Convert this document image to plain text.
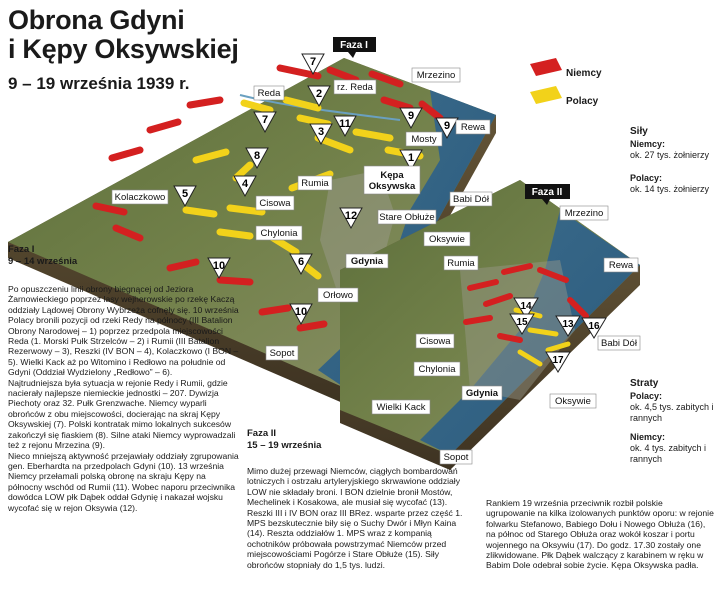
Obrona Gdyni
i Kępy Oksywskiej
9 – 19 września 1939 r.
7
2
7
3
11
9
9
1
8
4
5
12
10	6
10	14
15	13 16
17
Faza I
Faza II
Mrzezino
Reda
rz. Reda
Rewa
Mosty
Kępa Oksywska
Rumia
Kolaczkowo
Cisowa	Babi Dół
Stare Obłuże
Chylonia
Oksywie
Gdynia
Orłowo
Sopot
Mrzezino
Rumia	Rewa
Cisowa	Babi Dół
Chylonia
Gdynia
Oksywie
Wielki Kack
Sopot
Niemcy
Polacy
Siły
Niemcy:
ok. 27 tys. żołnierzy
Polacy:
ok. 14 tys. żołnierzy
Straty
Polacy:
ok. 4,5 tys. zabitych i rannych
Niemcy:
ok. 4 tys. zabitych i rannych
Faza I
9 – 14 września

Po opuszczeniu linii obrony biegnącej od Jeziora Żarnowieckiego poprzez lasy wejherowskie po rzekę Kaczą oddziały Lądowej Obrony Wybrzeża cofnęły się. 10 września Polacy bronili pozycji od rzeki Redy na północy (III Batalion Obrony Narodowej – 1) poprzez przedpola miejscowości Reda (1. Morski Pułk Strzelców – 2) i Rumii (III Batalion Rezerwowy – 3), Reszki (IV BON – 4), Kolaczkowo (I BON – 5). Wielki Kack aż po Witomino i Redłowo na południe od Gdyni (Oddział Wydzielony „Redłowo” – 6).

Najtrudniejsza była sytuacja w rejonie Redy i Rumii, gdzie nacierały najlepsze niemieckie jednostki – 207. Dywizja Piechoty oraz 32. Pułk Grenzwache. Niemcy wyparli obrońców z obu miejscowości, docierając na skraj Kępy Oksywskiej (7). Polski kontratak mimo lokalnych sukcesów zakończył się fiaskiem (8). Silne ataki Niemcy wyprowadzali też z rejonu Mrzezina (9).

Nieco mniejszą aktywność przejawiały oddziały zgrupowania gen. Eberhardta na przedpolach Gdyni (10). 13 września Niemcy przełamali polską obronę na skraju Kępy na północny wschód od Rumii (11). Wobec naporu przeciwnika dowódca LOW płk Dąbek oddał Gdynię i nakazał wojsku wycofać się w rejon Oksywia (12).

Faza II
15 – 19 września

Mimo dużej przewagi Niemców, ciągłych bombardowań lotniczych i ostrzału artyleryjskiego skrwawione oddziały LOW nie składały broni. I BON dzielnie bronił Mostów, Mechelinek i Kosakowa, ale musiał się wycofać (13). Reszki III i IV BON oraz III BRez. wsparte przez część 1. MPS bezskutecznie biły się o Suchy Dwór i Młyn Kaina (14). Reszta oddziałów 1. MPS wraz z kompanią ochotników próbowała powstrzymać Niemców przed miejscowościami Pogórze i Stare Obłuże (15). Siły obrońców stopniały do 1,5 tys. ludzi.

Rankiem 19 września przeciwnik rozbił polskie ugrupowanie na kilka izolowanych punktów oporu: w rejonie folwarku Stefanowo, Babiego Dołu i Nowego Obłuża (16), na północ od Starego Obłuża oraz wokół koszar i portu wojennego na Oksywiu (17). Do godz. 17.30 zostały one zlikwidowane. Płk Dąbek walczący z karabinem w ręku w Babim Dole odebrał sobie życie. Kępa Oksywska padła.
